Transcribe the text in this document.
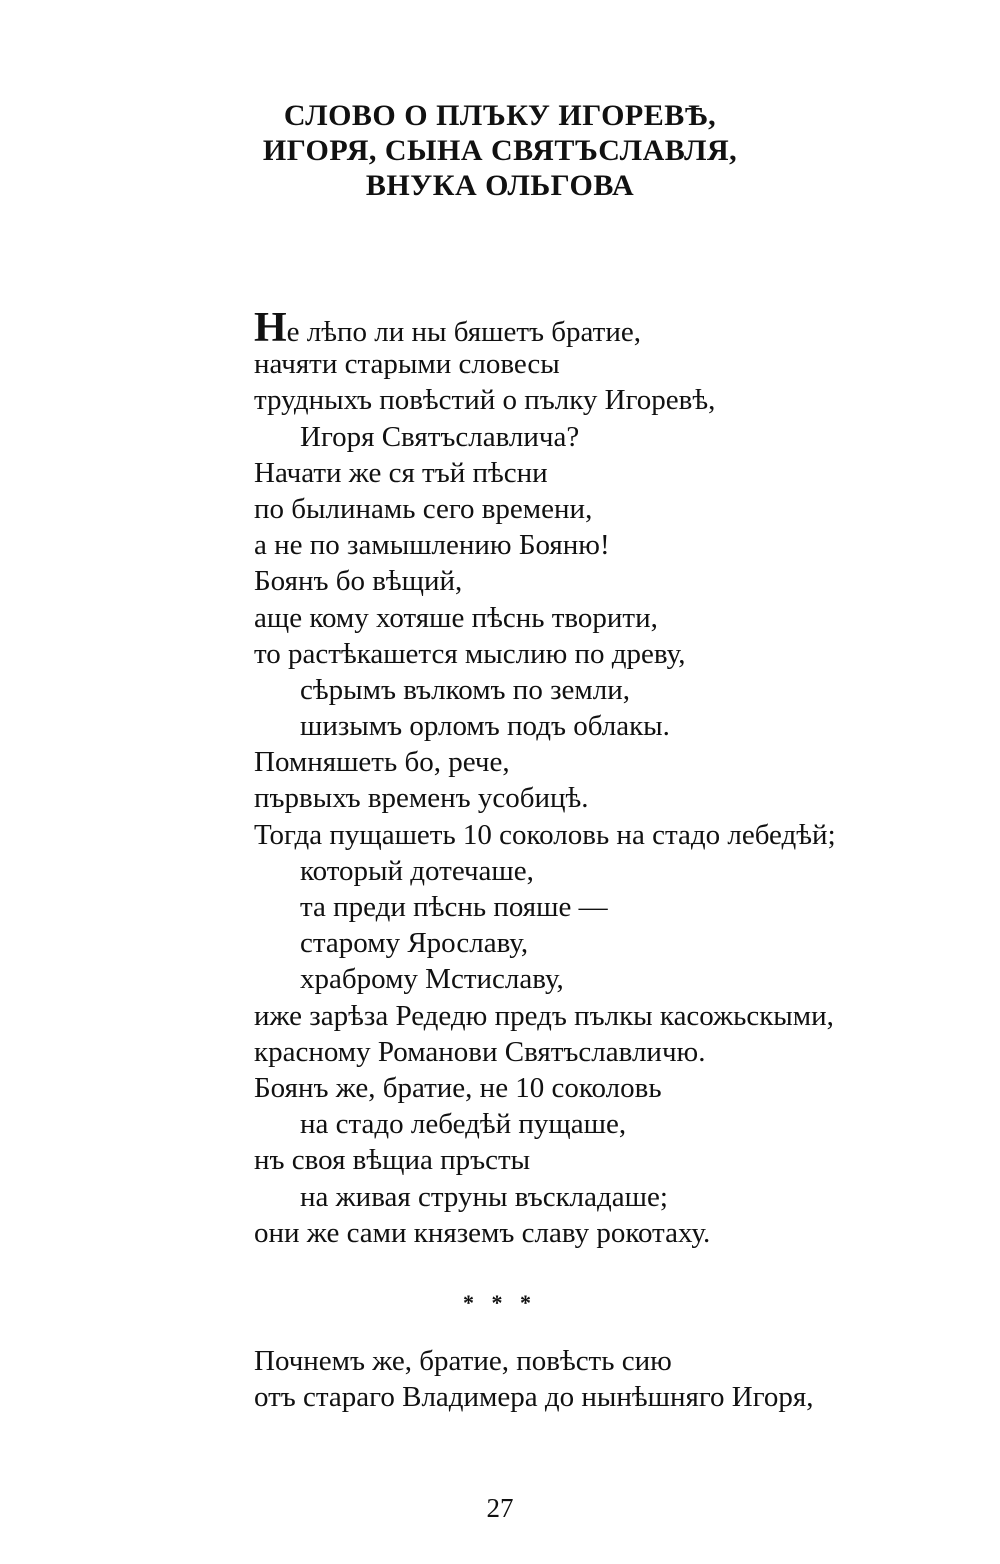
СЛОВО О ПЛЪКУ ИГОРЕВѢ,
ИГОРЯ, СЫНА СВЯТЪСЛАВЛЯ,
ВНУКА ОЛЬГОВА
Не лѣпо ли ны бяшетъ братие,
начяти старыми словесы
трудныхъ повѣстий о пълку Игоревѣ,
Игоря Святъславлича?
Начати же ся тъй пѣсни
по былинамь сего времени,
а не по замышлению Бояню!
Боянъ бо вѣщий,
аще кому хотяше пѣснь творити,
то растѣкашется мыслию по древу,
сѣрымъ вълкомъ по земли,
шизымъ орломъ подъ облакы.
Помняшеть бо, рече,
първыхъ временъ усобицѣ.
Тогда пущашеть 10 соколовь на стадо лебедѣй;
который дотечаше,
та преди пѣснь пояше —
старому Ярославу,
храброму Мстиславу,
иже зарѣза Редедю предъ пълкы касожьскыми,
красному Романови Святъславличю.
Боянъ же, братие, не 10 соколовь
на стадо лебедѣй пущаше,
нъ своя вѣщиа пръсты
на живая струны въскладаше;
они же сами княземъ славу рокотаху.
* * *
Почнемъ же, братие, повѣсть сию
отъ стараго Владимера до нынѣшняго Игоря,
27
